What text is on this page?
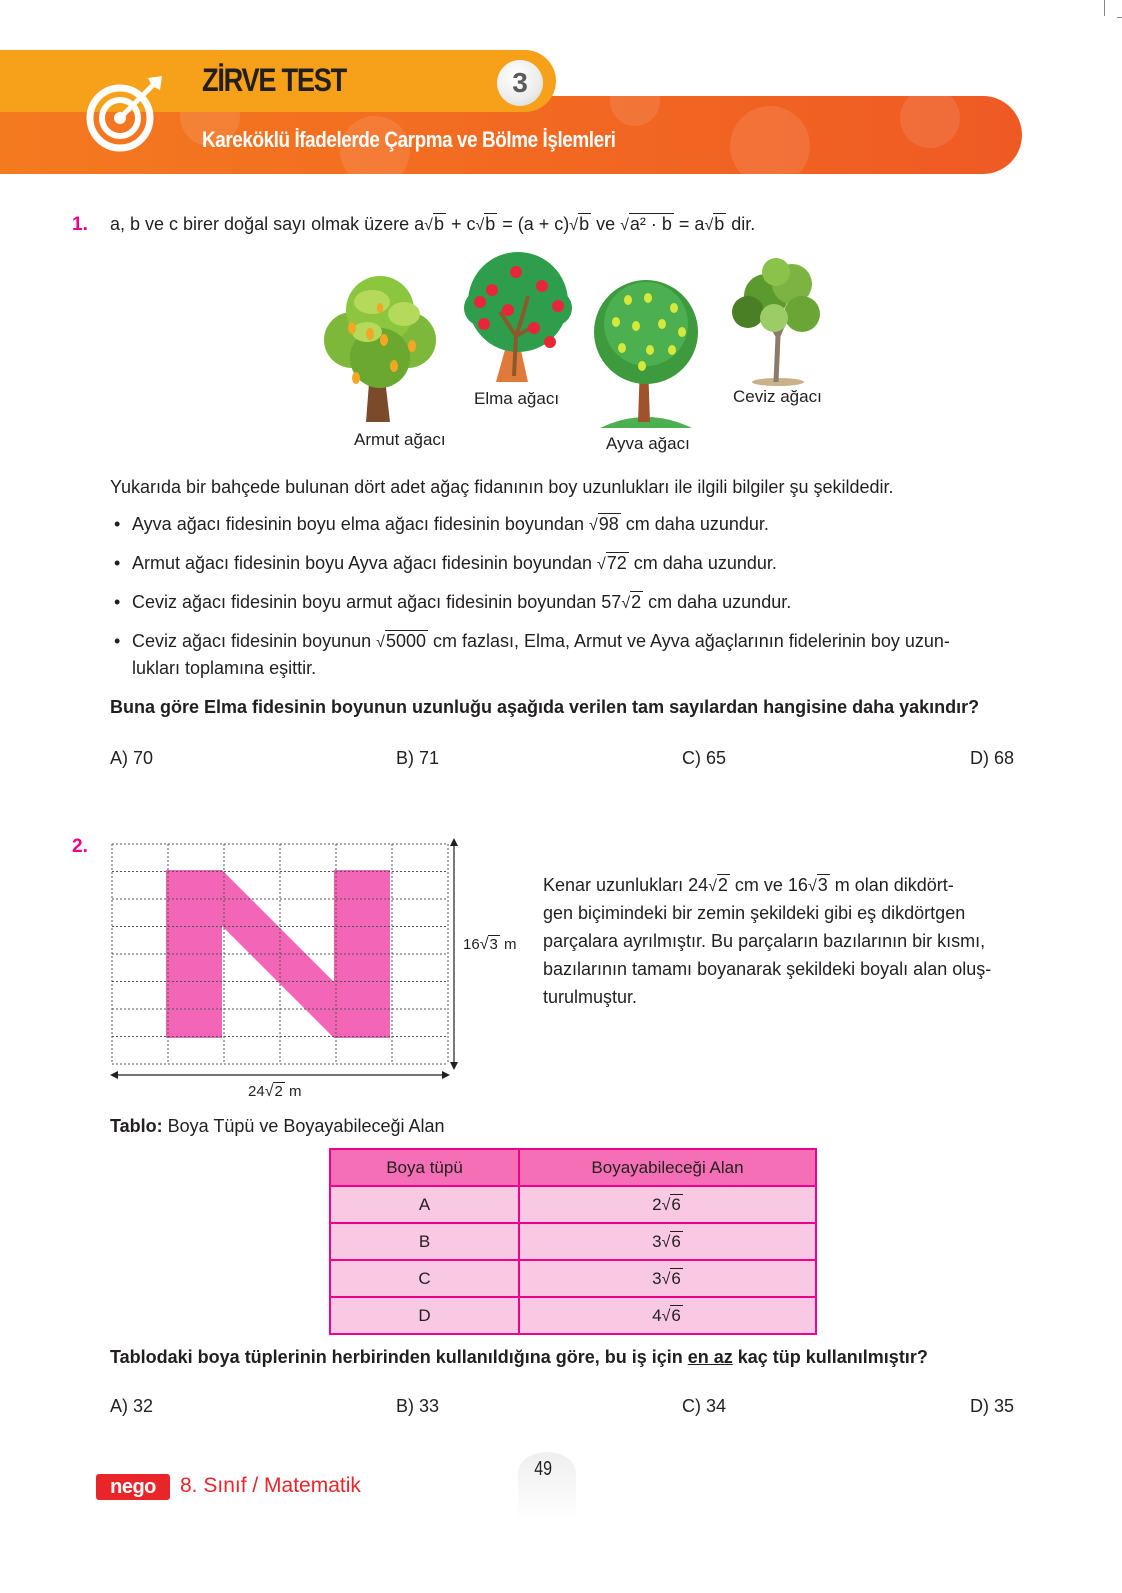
ZİRVE TEST	3
Kareköklü İfadelerde Çarpma ve Bölme İşlemleri
1. a, b ve c birer doğal sayı olmak üzere a√b + c√b = (a + c)√b ve √a² · b = a√b dir.
Armut ağacı
Elma ağacı
Ayva ağacı
Ceviz ağacı
Yukarıda bir bahçede bulunan dört adet ağaç fidanının boy uzunlukları ile ilgili bilgiler şu şekildedir.
• Ayva ağacı fidesinin boyu elma ağacı fidesinin boyundan √98 cm daha uzundur.
• Armut ağacı fidesinin boyu Ayva ağacı fidesinin boyundan √72 cm daha uzundur.
• Ceviz ağacı fidesinin boyu armut ağacı fidesinin boyundan 57√2 cm daha uzundur.
• Ceviz ağacı fidesinin boyunun √5000 cm fazlası, Elma, Armut ve Ayva ağaçlarının fidelerinin boy uzun-
lukları toplamına eşittir.
Buna göre Elma fidesinin boyunun uzunluğu aşağıda verilen tam sayılardan hangisine daha yakındır?
A) 70	B) 71	C) 65	D) 68
2.
16√3 m
24√2 m
Kenar uzunlukları 24√2 cm ve 16√3 m olan dikdört-
gen biçimindeki bir zemin şekildeki gibi eş dikdörtgen
parçalara ayrılmıştır. Bu parçaların bazılarının bir kısmı,
bazılarının tamamı boyanarak şekildeki boyalı alan oluş-
turulmuştur.
Tablo: Boya Tüpü ve Boyayabileceği Alan
Boya tüpü	Boyayabileceği Alan
A	2√6
B	3√6
C	3√6
D	4√6
Tablodaki boya tüplerinin herbirinden kullanıldığına göre, bu iş için en az kaç tüp kullanılmıştır?
A) 32	B) 33	C) 34	D) 35
nego	8. Sınıf / Matematik
49
